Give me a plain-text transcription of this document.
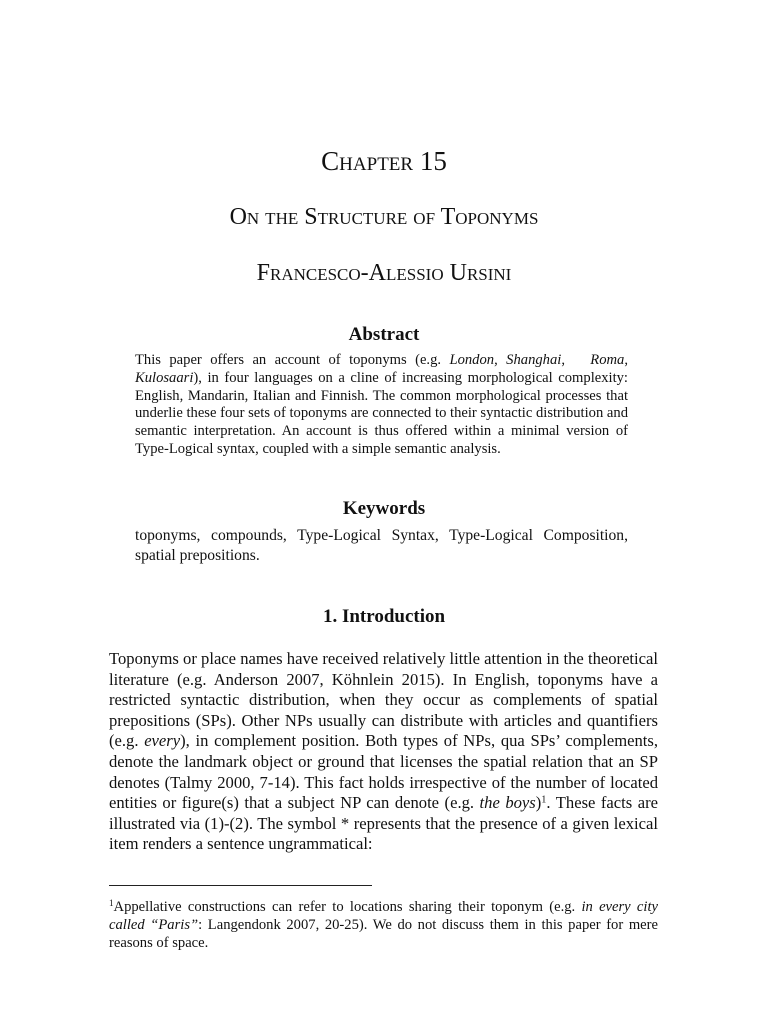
Chapter 15
On the Structure of Toponyms
Francesco-Alessio Ursini
Abstract
This paper offers an account of toponyms (e.g. London, Shanghai,   Roma, Kulosaari), in four languages on a cline of increasing morphological complexity: English, Mandarin, Italian and Finnish. The common morphological processes that underlie these four sets of toponyms are connected to their syntactic distribution and semantic interpretation. An account is thus offered within a minimal version of Type-Logical syntax, coupled with a simple semantic analysis.
Keywords
toponyms, compounds, Type-Logical Syntax, Type-Logical Composition, spatial prepositions.
1. Introduction
Toponyms or place names have received relatively little attention in the theoretical literature (e.g. Anderson 2007, Köhnlein 2015). In English, toponyms have a restricted syntactic distribution, when they occur as complements of spatial prepositions (SPs). Other NPs usually can distribute with articles and quantifiers (e.g. every), in complement position. Both types of NPs, qua SPs’ complements, denote the landmark object or ground that licenses the spatial relation that an SP denotes (Talmy 2000, 7-14). This fact holds irrespective of the number of located entities or figure(s) that a subject NP can denote (e.g. the boys)$^1$. These facts are illustrated via (1)-(2). The symbol * represents that the presence of a given lexical item renders a sentence ungrammatical:
$^1$Appellative constructions can refer to locations sharing their toponym (e.g. in every city called “Paris”: Langendonk 2007, 20-25). We do not discuss them in this paper for mere reasons of space.
